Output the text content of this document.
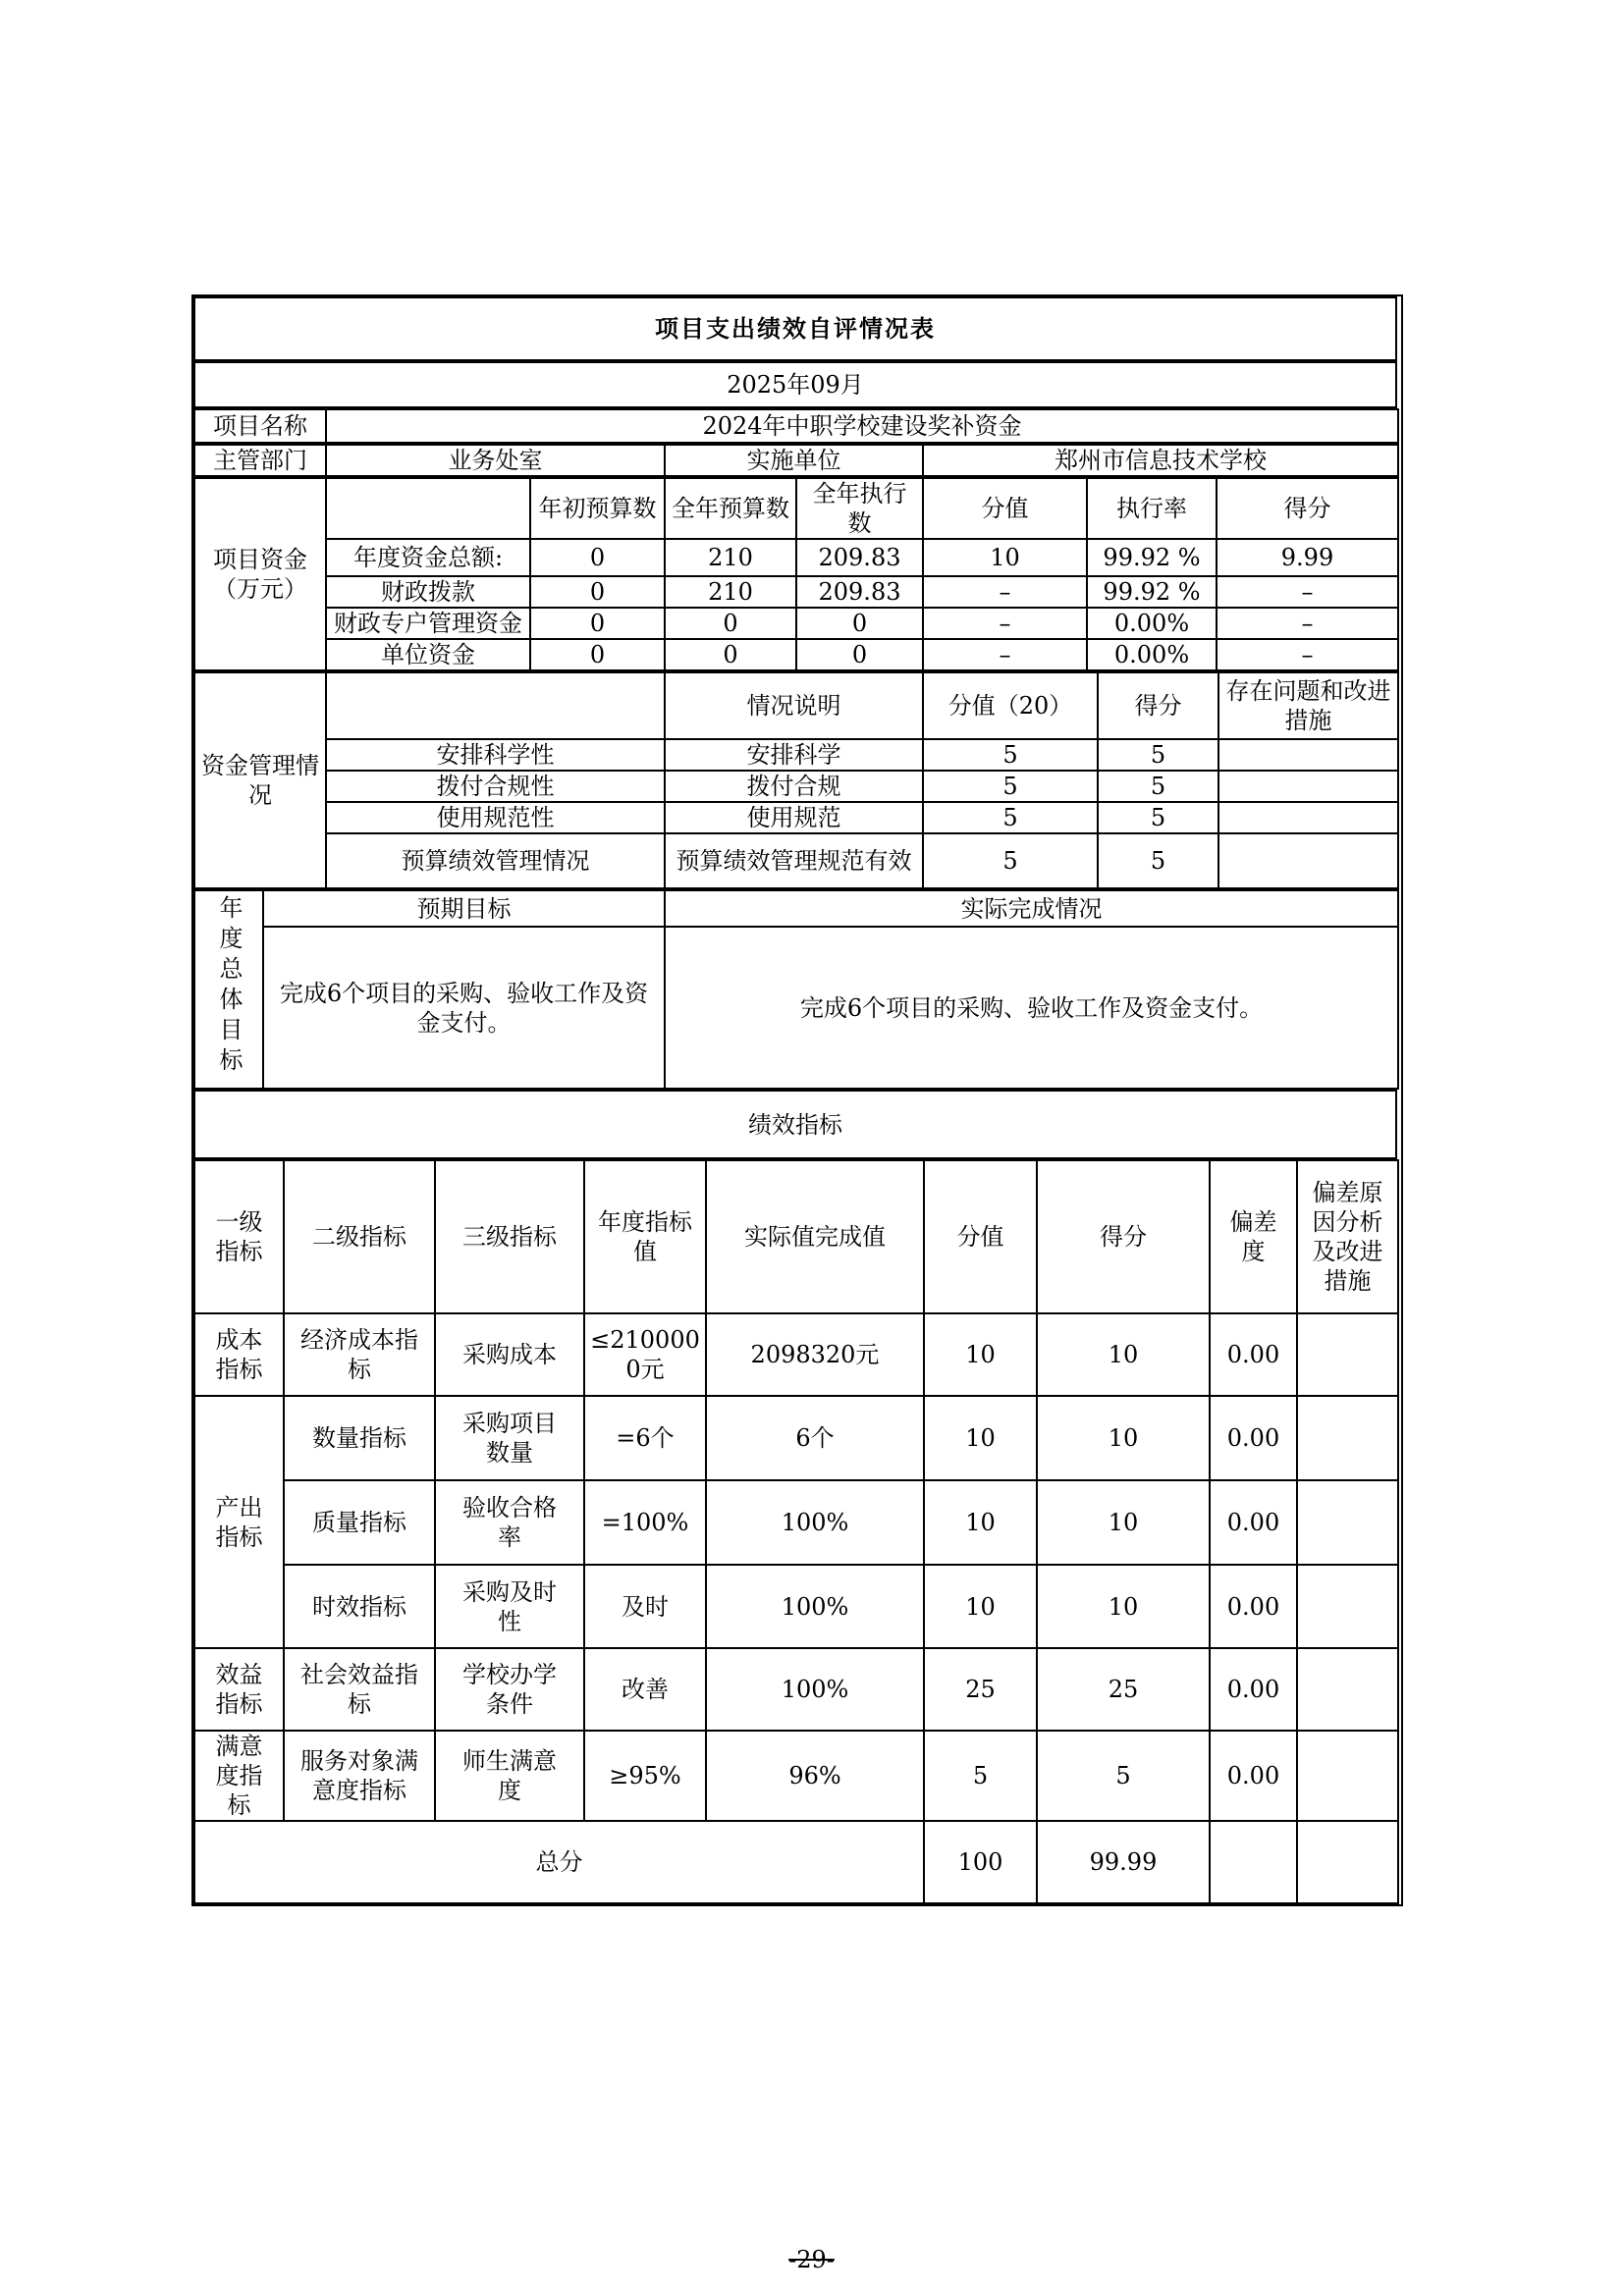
项目支出绩效自评情况表
2025年09月
项目名称	2024年中职学校建设奖补资金
主管部门	业务处室	实施单位	郑州市信息技术学校
项目资金（万元）		年初预算数	全年预算数	全年执行数	分值	执行率	得分
	年度资金总额:	0	210	209.83	10	99.92 %	9.99
	财政拨款	0	210	209.83	–	99.92 %	–
	财政专户管理资金	0	0	0	–	0.00%	–
	单位资金	0	0	0	–	0.00%	–
资金管理情况		情况说明	分值（20）	得分	存在问题和改进措施
	安排科学性	安排科学	5	5	
	拨付合规性	拨付合规	5	5	
	使用规范性	使用规范	5	5	
	预算绩效管理情况	预算绩效管理规范有效	5	5	
年度总体目标	预期目标	实际完成情况
	完成6个项目的采购、验收工作及资金支付。	完成6个项目的采购、验收工作及资金支付。
绩效指标
一级指标	二级指标	三级指标	年度指标值	实际值完成值	分值	得分	偏差度	偏差原因分析及改进措施
成本指标	经济成本指标	采购成本	≤2100000元	2098320元	10	10	0.00	
产出指标	数量指标	采购项目数量	=6个	6个	10	10	0.00	
	质量指标	验收合格率	=100%	100%	10	10	0.00	
	时效指标	采购及时性	及时	100%	10	10	0.00	
效益指标	社会效益指标	学校办学条件	改善	100%	25	25	0.00	
满意度指标	服务对象满意度指标	师生满意度	≥95%	96%	5	5	0.00	
总分					100	99.99		
-29-
